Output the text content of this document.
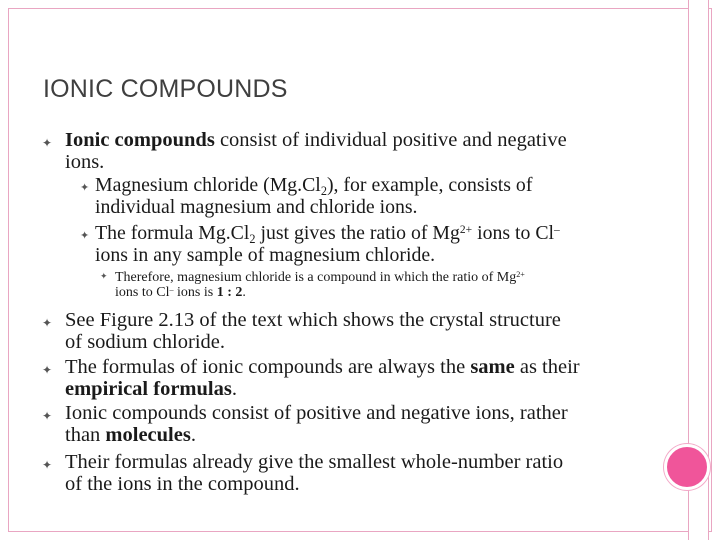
IONIC COMPOUNDS
✦ Ionic compounds consist of individual positive and negative
ions.
✦ Magnesium chloride $(Mg.Cl_2)$, for example, consists of
individual magnesium and chloride ions.
✦ The formula $Mg.Cl_2$ just gives the ratio of $Mg^{2+}$ ions to Cl–
ions in any sample of magnesium chloride.
✦ Therefore, magnesium chloride is a compound in which the ratio of $Mg^{2+}$
ions to Cl– ions is 1 : 2.
✦ See Figure 2.13 of the text which shows the crystal structure
of sodium chloride.
✦ The formulas of ionic compounds are always the same as their
empirical formulas.
✦ Ionic compounds consist of positive and negative ions, rather
than molecules.
✦ Their formulas already give the smallest whole-number ratio
of the ions in the compound.
